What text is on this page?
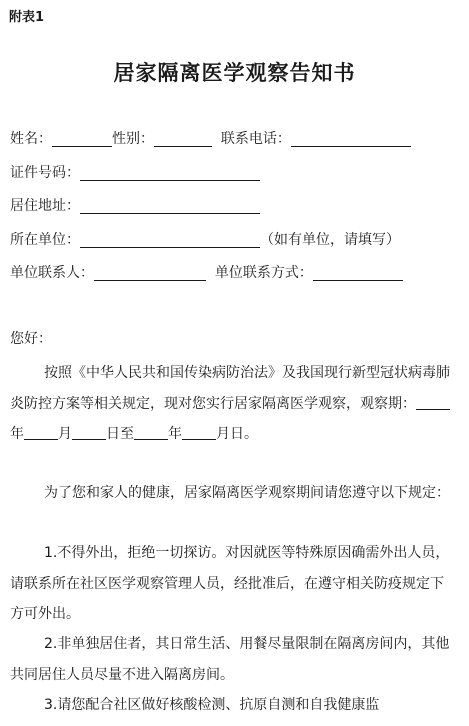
附表1
居家隔离医学观察告知书
姓名：	性别：	联系电话：
证件号码：
居住地址：
所在单位：	（如有单位，请填写）
单位联系人：	单位联系方式：
您好：
按照《中华人民共和国传染病防治法》及我国现行新型冠状病毒肺炎防控方案等相关规定，现对您实行居家隔离医学观察，观察期：年 月 日至 年 月日。
为了您和家人的健康，居家隔离医学观察期间请您遵守以下规定：
1.不得外出，拒绝一切探访。对因就医等特殊原因确需外出人员，请联系所在社区医学观察管理人员，经批准后，在遵守相关防疫规定下方可外出。
2.非单独居住者，其日常生活、用餐尽量限制在隔离房间内，其他共同居住人员尽量不进入隔离房间。
3.请您配合社区做好核酸检测、抗原自测和自我健康监
